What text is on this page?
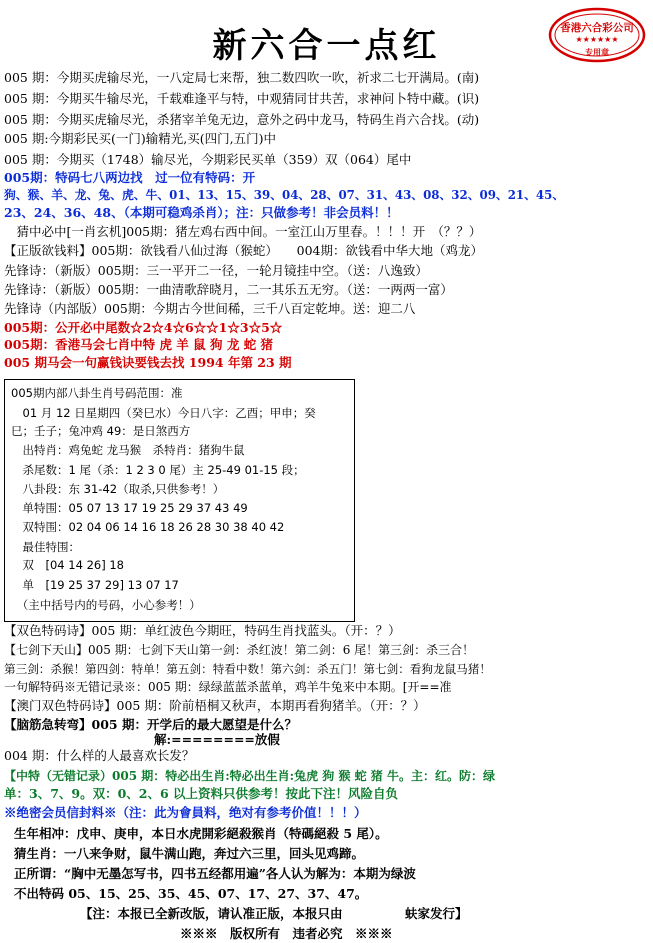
新六合一点红	香港六合彩公司
★★★★★★
专用章
005 期：今期买虎输尽光，一八定局七来帮，独二数四吹一吹，祈求二七开满局。(南)
005 期：今期买牛输尽光，千载难逢平与特，中观猜同甘共苦，求神问卜特中藏。(识)
005 期：今期买虎输尽光，杀猪宰羊兔无边，意外之码中龙马，特码生肖六合找。(动)
005 期:今期彩民买(一门)输精光,买(四门,五门)中
005 期：今期买（1748）输尽光，今期彩民买单（359）双（064）尾中
005期：特码七八两边找　过一位有特码：开
狗、猴、羊、龙、兔、虎、牛、01、13、15、39、04、28、07、31、43、08、32、09、21、45、
23、24、36、48、（本期可稳鸡杀肖）；注：只做参考！非会员料！！
　猜中必中[一肖玄机]005期：猪左鸡右西中间。一室江山万里春。！！！开　（？？）
【正版欲钱料】005期：欲钱看八仙过海（猴蛇）　　004期：欲钱看中华大地（鸡龙）
先锋诗：（新版）005期：三一平开二一径，一轮月镜挂中空。（送：八逸致）
先锋诗：（新版）005期：一曲清歌辞晓月，二一其乐五无穷。（送：一两两一富）
先锋诗（内部版）005期：今期古今世间稀，三千八百定乾坤。送：迎二八
005期：公开必中尾数☆2☆4☆6☆☆1☆3☆5☆
005期：香港马会七肖中特 虎 羊 鼠 狗 龙 蛇 猪
005 期马会一句赢钱诀要钱去找 1994 年第 23 期
005期内部八卦生肖号码范围：准
　01 月 12 日星期四（癸巳水）今日八字：乙酉；甲申；癸
巳；壬子；兔冲鸡 49：是日煞西方
　出特肖：鸡兔蛇 龙马猴　杀特肖：猪狗牛鼠
　杀尾数：1 尾（杀：1 2 3 0 尾）主 25-49 01-15 段；
　八卦段：东 31-42（取杀,只供参考！）
　单特围：05 07 13 17 19 25 29 37 43 49
　双特围：02 04 06 14 16 18 26 28 30 38 40 42
　最佳特围：
　双　[04 14 26] 18
　单　[19 25 37 29] 13 07 17
　（主中括号内的号码，小心参考！）
【双色特码诗】005 期：单红波色今期旺，特码生肖找蓝头。（开：？）
【七剑下天山】005 期：七剑下天山第一剑：杀红波！第二剑：6 尾！第三剑：杀三合！
第三剑：杀猴！第四剑：特单！第五剑：特看中数！第六剑：杀五门！第七剑：看狗龙鼠马猪！
一句解特码※无错记录※：005 期：绿绿蓝蓝杀蓝单，鸡羊牛兔来中本期。[开==准
【澳门双色特码诗】005 期：阶前梧桐又秋声，本期再看狗猪羊。（开：？）
【脑筋急转弯】005 期：开学后的最大愿望是什么？
　　　　　　　　　　　　解:========放假
004 期：什么样的人最喜欢长发？
【中特（无错记录）005 期：特必出生肖:特必出生肖:兔虎 狗 猴 蛇 猪 牛。主：红。防：绿
单：3、7、9。双：0、2、6 以上资料只供参考！按此下注！风险自负
※绝密会员信封料※（注：此为會員料，绝对有参考价值！！！）
生年相冲：戊申、庚申，本日水虎開彩絕殺猴肖（特碼絕殺 5 尾）。
猜生肖：一八来争财，鼠牛满山跑，奔过六三里，回头见鸡蹄。
正所谓：“胸中无墨怎写书，四书五经都用遍”各人认为解为：本期为绿波
不出特码 05、15、25、35、45、07、17、27、37、47。
【注：本报已全新改版，请认准正版，本报只由　　　　　蚨家发行】
※※※　版权所有　违者必究　※※※
